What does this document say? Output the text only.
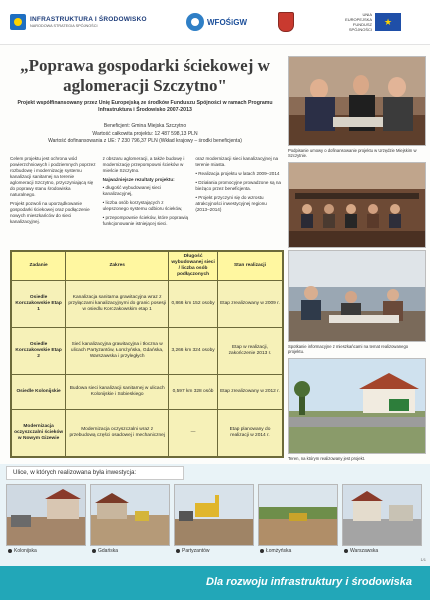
INFRASTRUKTURA I ŚRODOWISKO
NARODOWA STRATEGIA SPÓJNOŚCI	WFOŚiGW
UNIA EUROPEJSKA FUNDUSZ SPÓJNOŚCI
★
„Poprawa gospodarki ściekowej w aglomeracji Szczytno"
Projekt współfinansowany przez Unię Europejską ze środków Funduszu Spójności w ramach Programu Infrastruktura i Środowisko 2007-2013
Beneficjent: Gmina Miejska Szczytno
Wartość całkowita projektu: 12 487 598,13 PLN
Wartość dofinansowania z UE: 7 230 796,37 PLN (Wkład krajowy – środki beneficjenta)

Celem projektu jest ochrona wód powierzchniowych i podziemnych poprzez rozbudowę i modernizację systemu kanalizacji sanitarnej na terenie aglomeracji Szczytno, przyczyniającą się do poprawy stanu środowiska naturalnego.

Projekt pozwoli na uporządkowanie gospodarki ściekowej oraz podłączenie nowych mieszkańców do sieci kanalizacyjnej.

z obszaru aglomeracji, a także budowę i modernizację przepompowni ścieków w mieście Szczytno.

Najważniejsze rezultaty projektu:

• długość wybudowanej sieci kanalizacyjnej,

• liczba osób korzystających z ulepszonego systemu odbioru ścieków,

• przepompownie ścieków, które poprawią funkcjonowanie istniejącej sieci.

oraz modernizacji sieci kanalizacyjnej na terenie miasta.

• Realizacja projektu w latach 2009–2014

• Działania promocyjne prowadzone są na bieżąco przez beneficjenta.

• Projekt przyczyni się do wzrostu atrakcyjności inwestycyjnej regionu (2013–2014)

Zadanie	Zakres	Długość wybudowanej sieci / liczba osób podłączonych	Stan realizacji
Osiedle Korczakowskie Etap 1	Kanalizacja sanitarna grawitacyjna wraz z przyłączami kanalizacyjnymi do granic posesji w osiedlu Korczakowskim etap 1	0,866 km 152 osoby	Etap zrealizowany w 2009 r.
Osiedle Korczakowskie Etap 2	Sieć kanalizacyjna grawitacyjna i tłoczna w ulicach Partyzantów, Łomżyńska, Gdańska, Warszawska i przyległych	3,266 km 324 osoby	Etap w realizacji, zakończenie 2013 r.
Osiedle Kolonijskie	Budowa sieci kanalizacji sanitarnej w ulicach Kolonijskie i Sobieskiego	0,597 km 328 osób	Etap zrealizowany w 2012 r.
Modernizacja oczyszczalni ścieków w Nowym Gizewie	Modernizacja oczyszczalni wraz z przebudową części osadowej i mechanicznej	—	Etap planowany do realizacji w 2014 r.
Podpisanie umowy o dofinansowanie projektu w Urzędzie Miejskim w Szczytnie.
Spotkanie informacyjne z mieszkańcami na temat realizowanego projektu.
Teren, na którym realizowany jest projekt.
Ulice, w których realizowana była inwestycja:
Kolonijska	Gdańska	Partyzantów	Łomżyńska	Warszawska
1/1
Dla rozwoju infrastruktury i środowiska
